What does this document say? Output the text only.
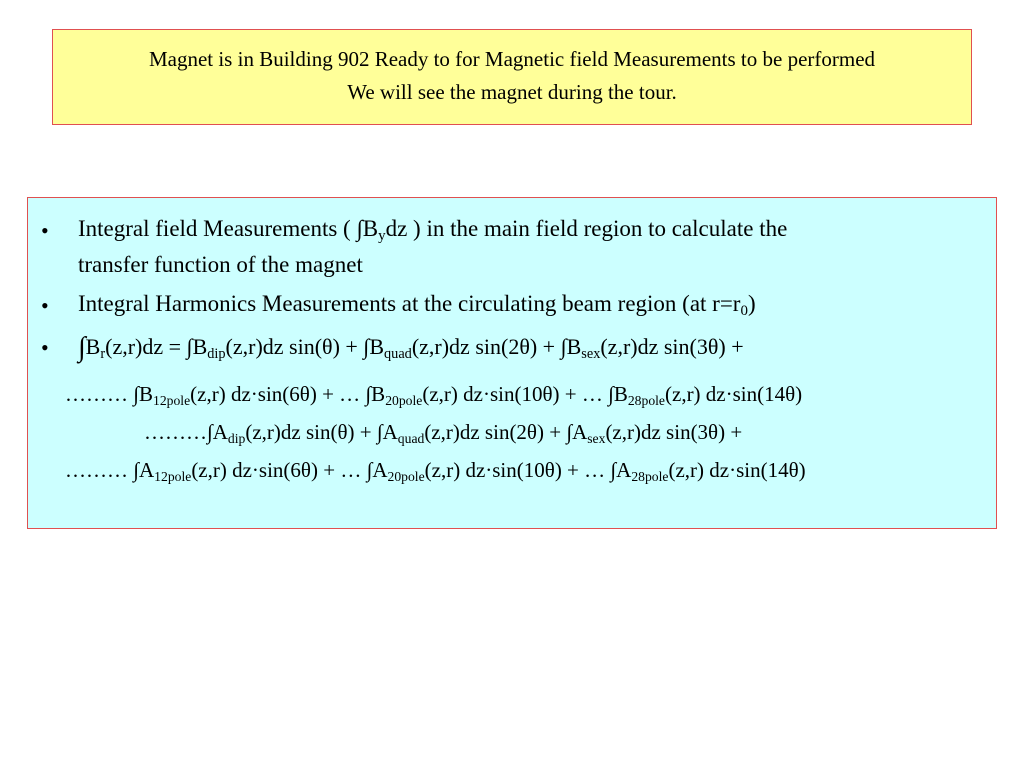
Magnet is in Building 902 Ready to for Magnetic field Measurements to be performed
We will see the magnet during the tour.
• Integral field Measurements ( $\int B_ydz$ ) in the main field region to calculate the
transfer function of the magnet
• Integral Harmonics Measurements at the circulating beam region (at $r=r_0$)
• $\int B_r(z,r)dz = \int B_{dip}(z,r)dz$ $\sin(\theta) + \int B_{quad}(z,r)dz$ $\sin(2\theta) + \int B_{sex}(z,r)dz$ sin(3θ) +
……… $\int B_{12pole}(z,r) dz\cdot\sin(6\theta)$ + … $\int B_{20pole}(z,r) dz\cdot\sin(10\theta)$ + … $\int B_{28pole}(z,r)$ dz·sin(14θ)
$\dots\dots\dots\int A_{dip}(z,r)dz$ $\sin(\theta) + \int A_{quad}(z,r)dz$ $\sin(2\theta) + \int A_{sex}(z,r)dz$ sin(3θ) +
……… $\int A_{12pole}(z,r) dz\cdot\sin(6\theta)$ + … $\int A_{20pole}(z,r) dz\cdot\sin(10\theta)$ + … $\int A_{28pole}(z,r)$ dz·sin(14θ)
